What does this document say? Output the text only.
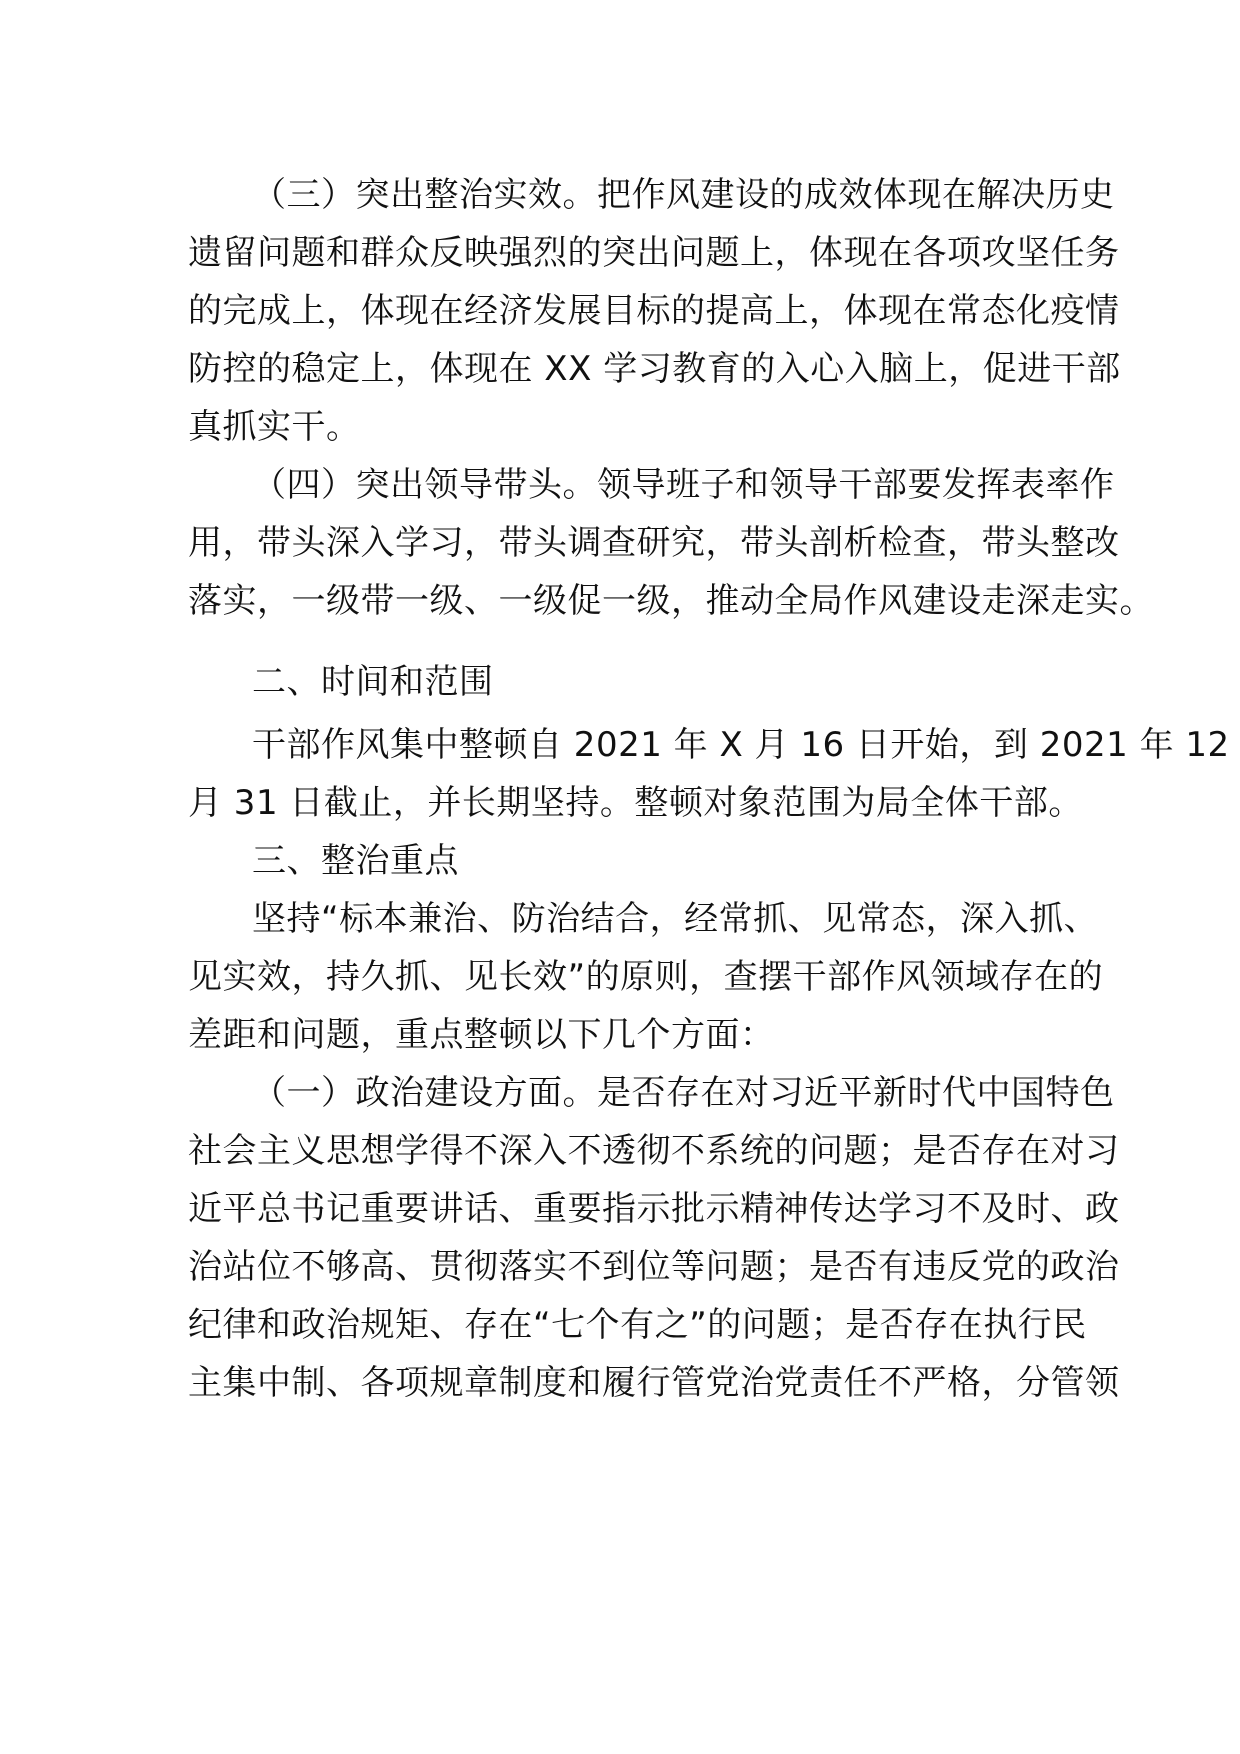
（三）突出整治实效。把作风建设的成效体现在解决历史
遗留问题和群众反映强烈的突出问题上，体现在各项攻坚任务
的完成上，体现在经济发展目标的提高上，体现在常态化疫情
防控的稳定上，体现在 XX 学习教育的入心入脑上，促进干部
真抓实干。
（四）突出领导带头。领导班子和领导干部要发挥表率作
用，带头深入学习，带头调查研究，带头剖析检查，带头整改
落实，一级带一级、一级促一级，推动全局作风建设走深走实。
二、时间和范围
干部作风集中整顿自 2021 年 X 月 16 日开始，到 2021 年 12
月 31 日截止，并长期坚持。整顿对象范围为局全体干部。
三、整治重点
坚持“标本兼治、防治结合，经常抓、见常态，深入抓、
见实效，持久抓、见长效”的原则，查摆干部作风领域存在的
差距和问题，重点整顿以下几个方面：
（一）政治建设方面。是否存在对习近平新时代中国特色
社会主义思想学得不深入不透彻不系统的问题；是否存在对习
近平总书记重要讲话、重要指示批示精神传达学习不及时、政
治站位不够高、贯彻落实不到位等问题；是否有违反党的政治
纪律和政治规矩、存在“七个有之”的问题；是否存在执行民
主集中制、各项规章制度和履行管党治党责任不严格，分管领
